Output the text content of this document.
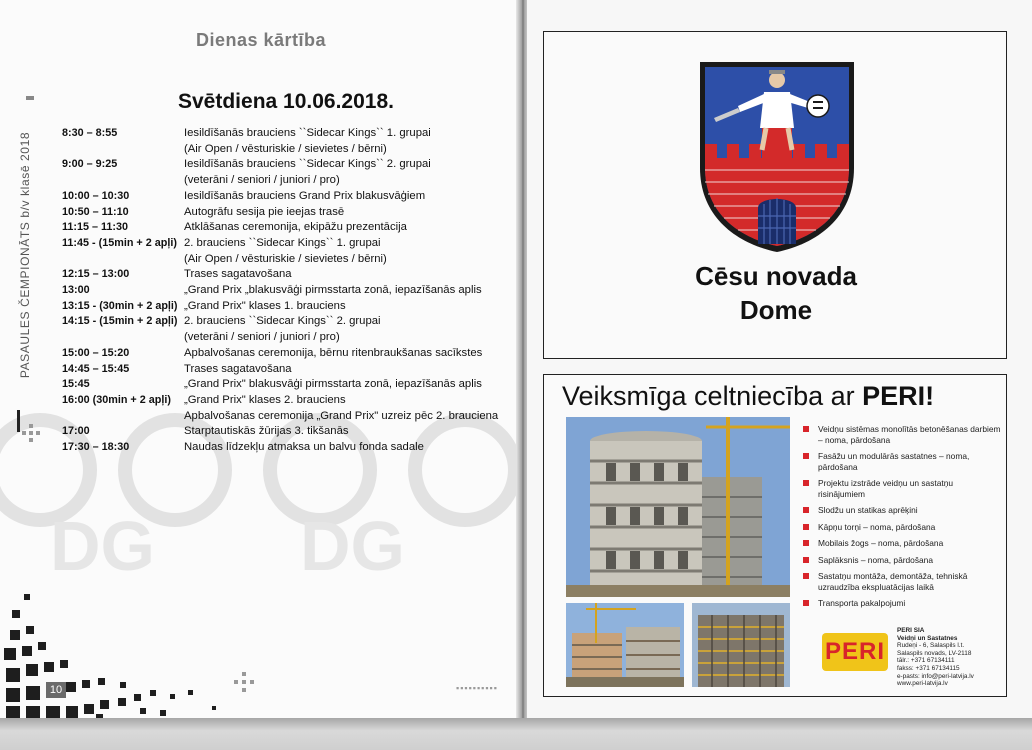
DG DG
PASAULES ČEMPIONĀTS b/v klasē 2018
Dienas kārtība
Svētdiena 10.06.2018.
8:30 – 8:55	Iesildīšanās brauciens ``Sidecar Kings`` 1. grupai
(Air Open / vēsturiskie / sievietes / bērni)
9:00 – 9:25	Iesildīšanās brauciens ``Sidecar Kings`` 2. grupai
(veterāni / seniori / juniori / pro)
10:00 – 10:30	Iesildīšanās brauciens Grand Prix blakusvāģiem
10:50 – 11:10	Autogrāfu sesija pie ieejas trasē
11:15 – 11:30	Atklāšanas ceremonija, ekipāžu prezentācija
11:45 - (15min + 2 apļi) 2. brauciens ``Sidecar Kings`` 1. grupai
(Air Open / vēsturiskie / sievietes / bērni)
12:15 – 13:00	Trases sagatavošana
13:00	„Grand Prix „blakusvāģi pirmsstarta zonā, iepazīšanās aplis
13:15 - (30min + 2 apļi) „Grand Prix" klases 1. brauciens
14:15 - (15min + 2 apļi) 2. brauciens ``Sidecar Kings`` 2. grupai
(veterāni / seniori / juniori / pro)
15:00 – 15:20	Apbalvošanas ceremonija, bērnu ritenbraukšanas sacīkstes
14:45 – 15:45	Trases sagatavošana
15:45	„Grand Prix" blakusvāģi pirmsstarta zonā, iepazīšanās aplis
16:00 (30min + 2 apļi)	„Grand Prix" klases 2. brauciens
Apbalvošanas ceremonija „Grand Prix" uzreiz pēc 2. brauciena
17:00	Starptautiskās žūrijas 3. tikšanās
17:30 – 18:30	Naudas līdzekļu atmaksa un balvu fonda sadale
10	▪▪▪▪▪▪▪▪▪▪
Cēsu novada
Dome
Veiksmīga celtniecība ar PERI!
Veidņu sistēmas monolītās betonēšanas darbiem – noma, pārdošana
Fasāžu un modulārās sastatnes – noma, pārdošana
Projektu izstrāde veidņu un sastatņu risinājumiem
Slodžu un statikas aprēķini
Kāpņu torņi – noma, pārdošana
Mobilais žogs – noma, pārdošana
Sapläksnis – noma, pārdošana
Sastatņu montāža, demontāža, tehniskā uzraudzība ekspluatācijas laikā
Transporta pakalpojumi
PERI
PERI SIA
Veidņi un Sastatnes
Rudeņi - 6, Salaspils l.t.
Salaspils novads, LV-2118
tālr.: +371 67134111
fakss: +371 67134115
e-pasts: info@peri-latvija.lv
www.peri-latvija.lv
